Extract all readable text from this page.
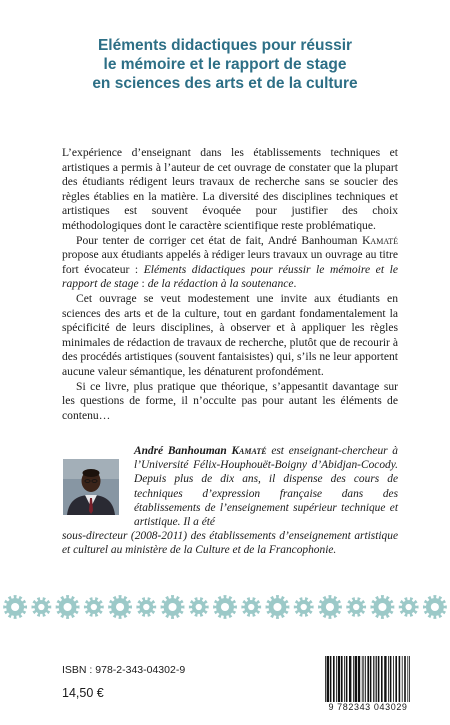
Eléments didactiques pour réussir
le mémoire et le rapport de stage
en sciences des arts et de la culture

L’expérience d’enseignant dans les établissements techniques et artistiques a permis à l’auteur de cet ouvrage de constater que la plupart des étudiants rédigent leurs travaux de recherche sans se soucier des règles établies en la matière. La diversité des disciplines techniques et artistiques est souvent évoquée pour justifier des choix méthodologiques dont le caractère scientifique reste problématique.

Pour tenter de corriger cet état de fait, André Banhouman Kamaté propose aux étudiants appelés à rédiger leurs travaux un ouvrage au titre fort évocateur : Eléments didactiques pour réussir le mémoire et le rapport de stage : de la rédaction à la soutenance.

Cet ouvrage se veut modestement une invite aux étudiants en sciences des arts et de la culture, tout en gardant fondamentalement la spécificité de leurs disciplines, à observer et à appliquer les règles minimales de rédaction de travaux de recherche, plutôt que de recourir à des procédés artistiques (souvent fantaisistes) qui, s’ils ne leur apportent aucune valeur sémantique, les dénaturent profondément.

Si ce livre, plus pratique que théorique, s’appesantit davantage sur les questions de forme, il n’occulte pas pour autant les éléments de contenu…

André Banhouman Kamaté est enseignant-chercheur à l’Université Félix-Houphouët-Boigny d’Abidjan-Cocody. Depuis plus de dix ans, il dispense des cours de techniques d’expression française dans des établissements de l’enseignement supérieur technique et artistique. Il a été
sous-directeur (2008-2011) des établissements d’enseignement artistique et culturel au ministère de la Culture et de la Francophonie.
ISBN : 978-2-343-04302-9
14,50 €
9 782343 043029
